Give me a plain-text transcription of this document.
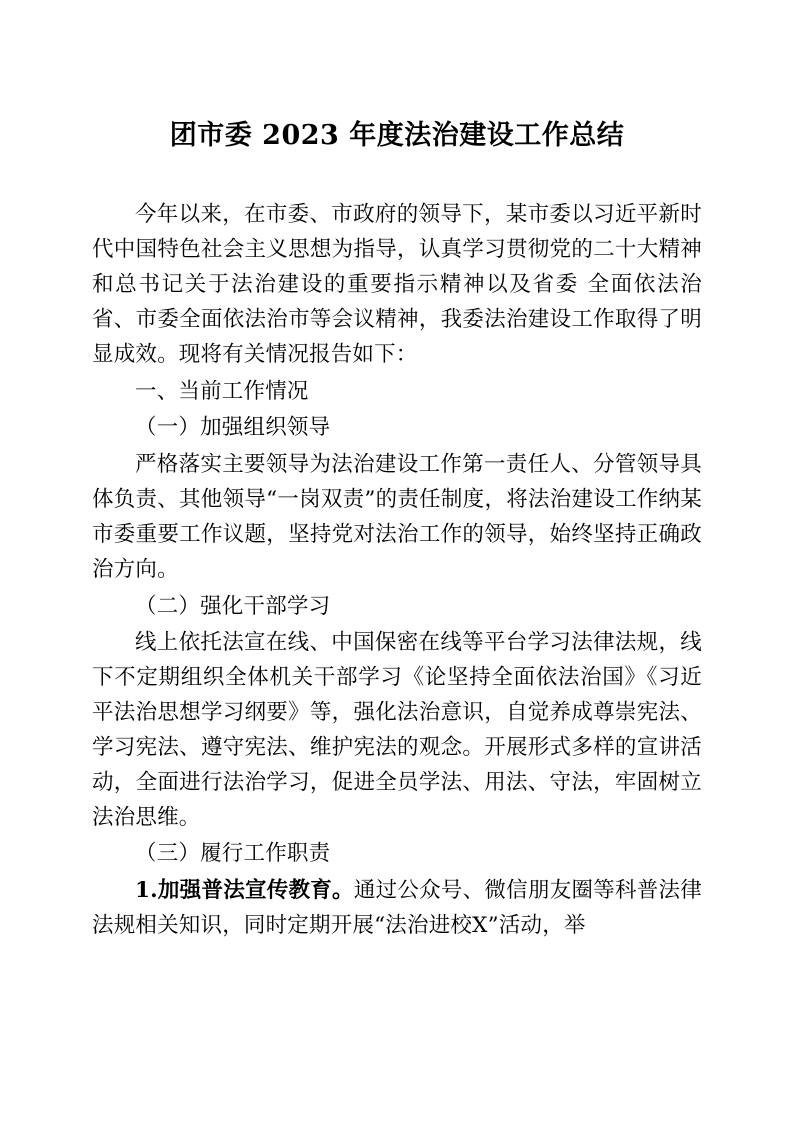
团市委 2023 年度法治建设工作总结

今年以来，在市委、市政府的领导下，某市委以习近平新时代中国特色社会主义思想为指导，认真学习贯彻党的二十大精神和总书记关于法治建设的重要指示精神以及省委 全面依法治省、市委全面依法治市等会议精神，我委法治建设工作取得了明显成效。现将有关情况报告如下：

一、当前工作情况

（一）加强组织领导

严格落实主要领导为法治建设工作第一责任人、分管领导具体负责、其他领导“一岗双责”的责任制度，将法治建设工作纳某市委重要工作议题，坚持党对法治工作的领导，始终坚持正确政治方向。

（二）强化干部学习

线上依托法宣在线、中国保密在线等平台学习法律法规，线下不定期组织全体机关干部学习《论坚持全面依法治国》《习近平法治思想学习纲要》等，强化法治意识，自觉养成尊崇宪法、学习宪法、遵守宪法、维护宪法的观念。开展形式多样的宣讲活动，全面进行法治学习，促进全员学法、用法、守法，牢固树立法治思维。

（三）履行工作职责

1.加强普法宣传教育。通过公众号、微信朋友圈等科普法律法规相关知识，同时定期开展“法治进校X”活动，举
